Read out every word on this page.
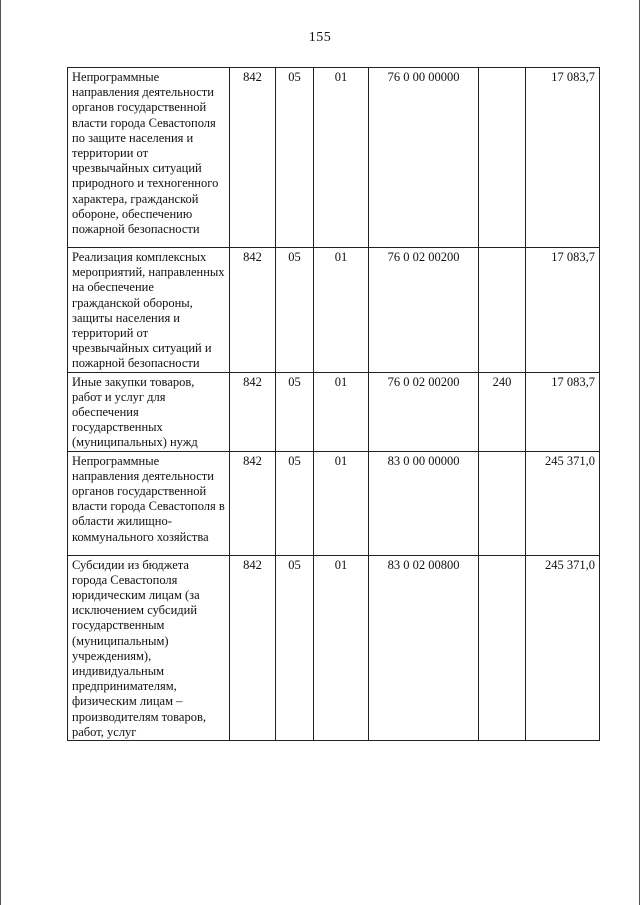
155
Непрограммные направления деятельности органов государственной власти города Севастополя по защите населения и территории от чрезвычайных ситуаций природного и техногенного характера, гражданской обороне, обеспечению пожарной безопасности	842	05	01	76 0 00 00000		17 083,7
Реализация комплексных мероприятий, направленных на обеспечение гражданской обороны, защиты населения и территорий от чрезвычайных ситуаций и пожарной безопасности	842	05	01	76 0 02 00200		17 083,7
Иные закупки товаров, работ и услуг для обеспечения государственных (муниципальных) нужд	842	05	01	76 0 02 00200	240	17 083,7
Непрограммные направления деятельности органов государственной власти города Севастополя в области жилищно-коммунального хозяйства	842	05	01	83 0 00 00000		245 371,0
Субсидии из бюджета города Севастополя юридическим лицам (за исключением субсидий государственным (муниципальным) учреждениям), индивидуальным предпринимателям, физическим лицам – производителям товаров, работ, услуг	842	05	01	83 0 02 00800		245 371,0
